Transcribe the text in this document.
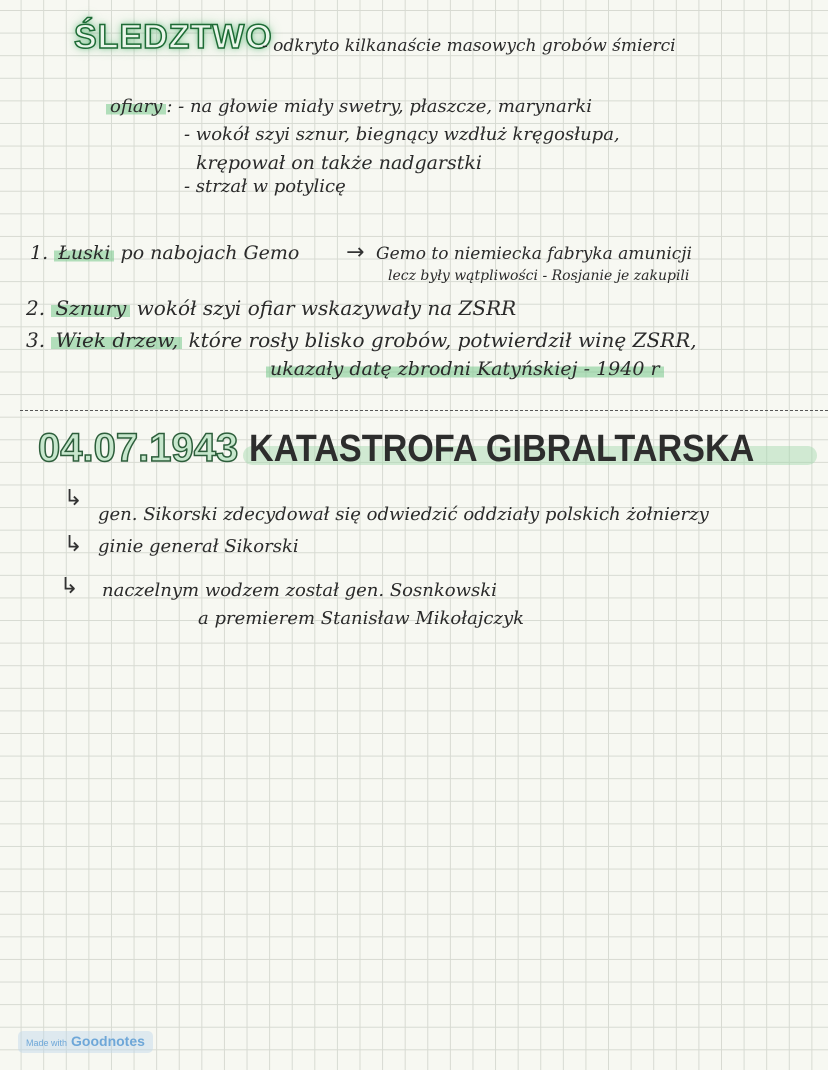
ŚLEDZTWO
- odkryto kilkanaście masowych grobów śmierci
ofiary : - na głowie miały swetry, płaszcze, marynarki
- wokół szyi sznur, biegnący wzdłuż kręgosłupa,
krępował on także nadgarstki
- strzał w potylicę
1. Łuski po nabojach Gemo → Gemo to niemiecka fabryka amunicji
lecz były wątpliwości - Rosjanie je zakupili
2. Sznury wokół szyi ofiar wskazywały na ZSRR
3. Wiek drzew, które rosły blisko grobów, potwierdził winę ZSRR,
ukazały datę zbrodni Katyńskiej - 1940 r
04.07.1943 KATASTROFA GIBRALTARSKA
↳
gen. Sikorski zdecydował się odwiedzić oddziały polskich żołnierzy
↳ ginie generał Sikorski
↳ naczelnym wodzem został gen. Sosnkowski
a premierem Stanisław Mikołajczyk
Made with Goodnotes
